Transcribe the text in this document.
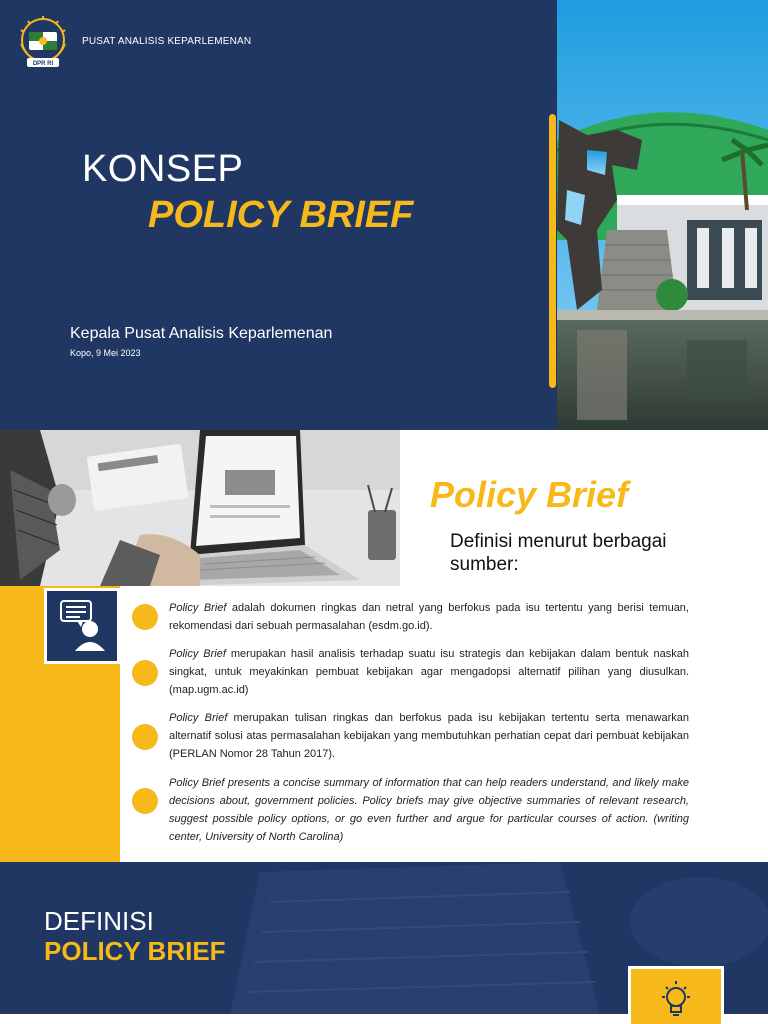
DPR RI
PUSAT ANALISIS KEPARLEMENAN
KONSEP
POLICY BRIEF
Kepala Pusat Analisis Keparlemenan
Kopo, 9 Mei 2023
Policy Brief
Definisi menurut berbagai sumber:
Policy Brief adalah dokumen ringkas dan netral yang berfokus pada isu tertentu yang berisi temuan, rekomendasi dari sebuah permasalahan (esdm.go.id).
Policy Brief merupakan hasil analisis terhadap suatu isu strategis dan kebijakan dalam bentuk naskah singkat, untuk meyakinkan pembuat kebijakan agar mengadopsi alternatif pilihan yang diusulkan. (map.ugm.ac.id)
Policy Brief merupakan tulisan ringkas dan berfokus pada isu kebijakan tertentu serta menawarkan alternatif solusi atas permasalahan kebijakan yang membutuhkan perhatian cepat dari pembuat kebijakan (PERLAN Nomor 28 Tahun 2017).
Policy Brief presents a concise summary of information that can help readers understand, and likely make decisions about, government policies. Policy briefs may give objective summaries of relevant research, suggest possible policy options, or go even further and argue for particular courses of action. (writing center, University of North Carolina)
DEFINISI
POLICY BRIEF
